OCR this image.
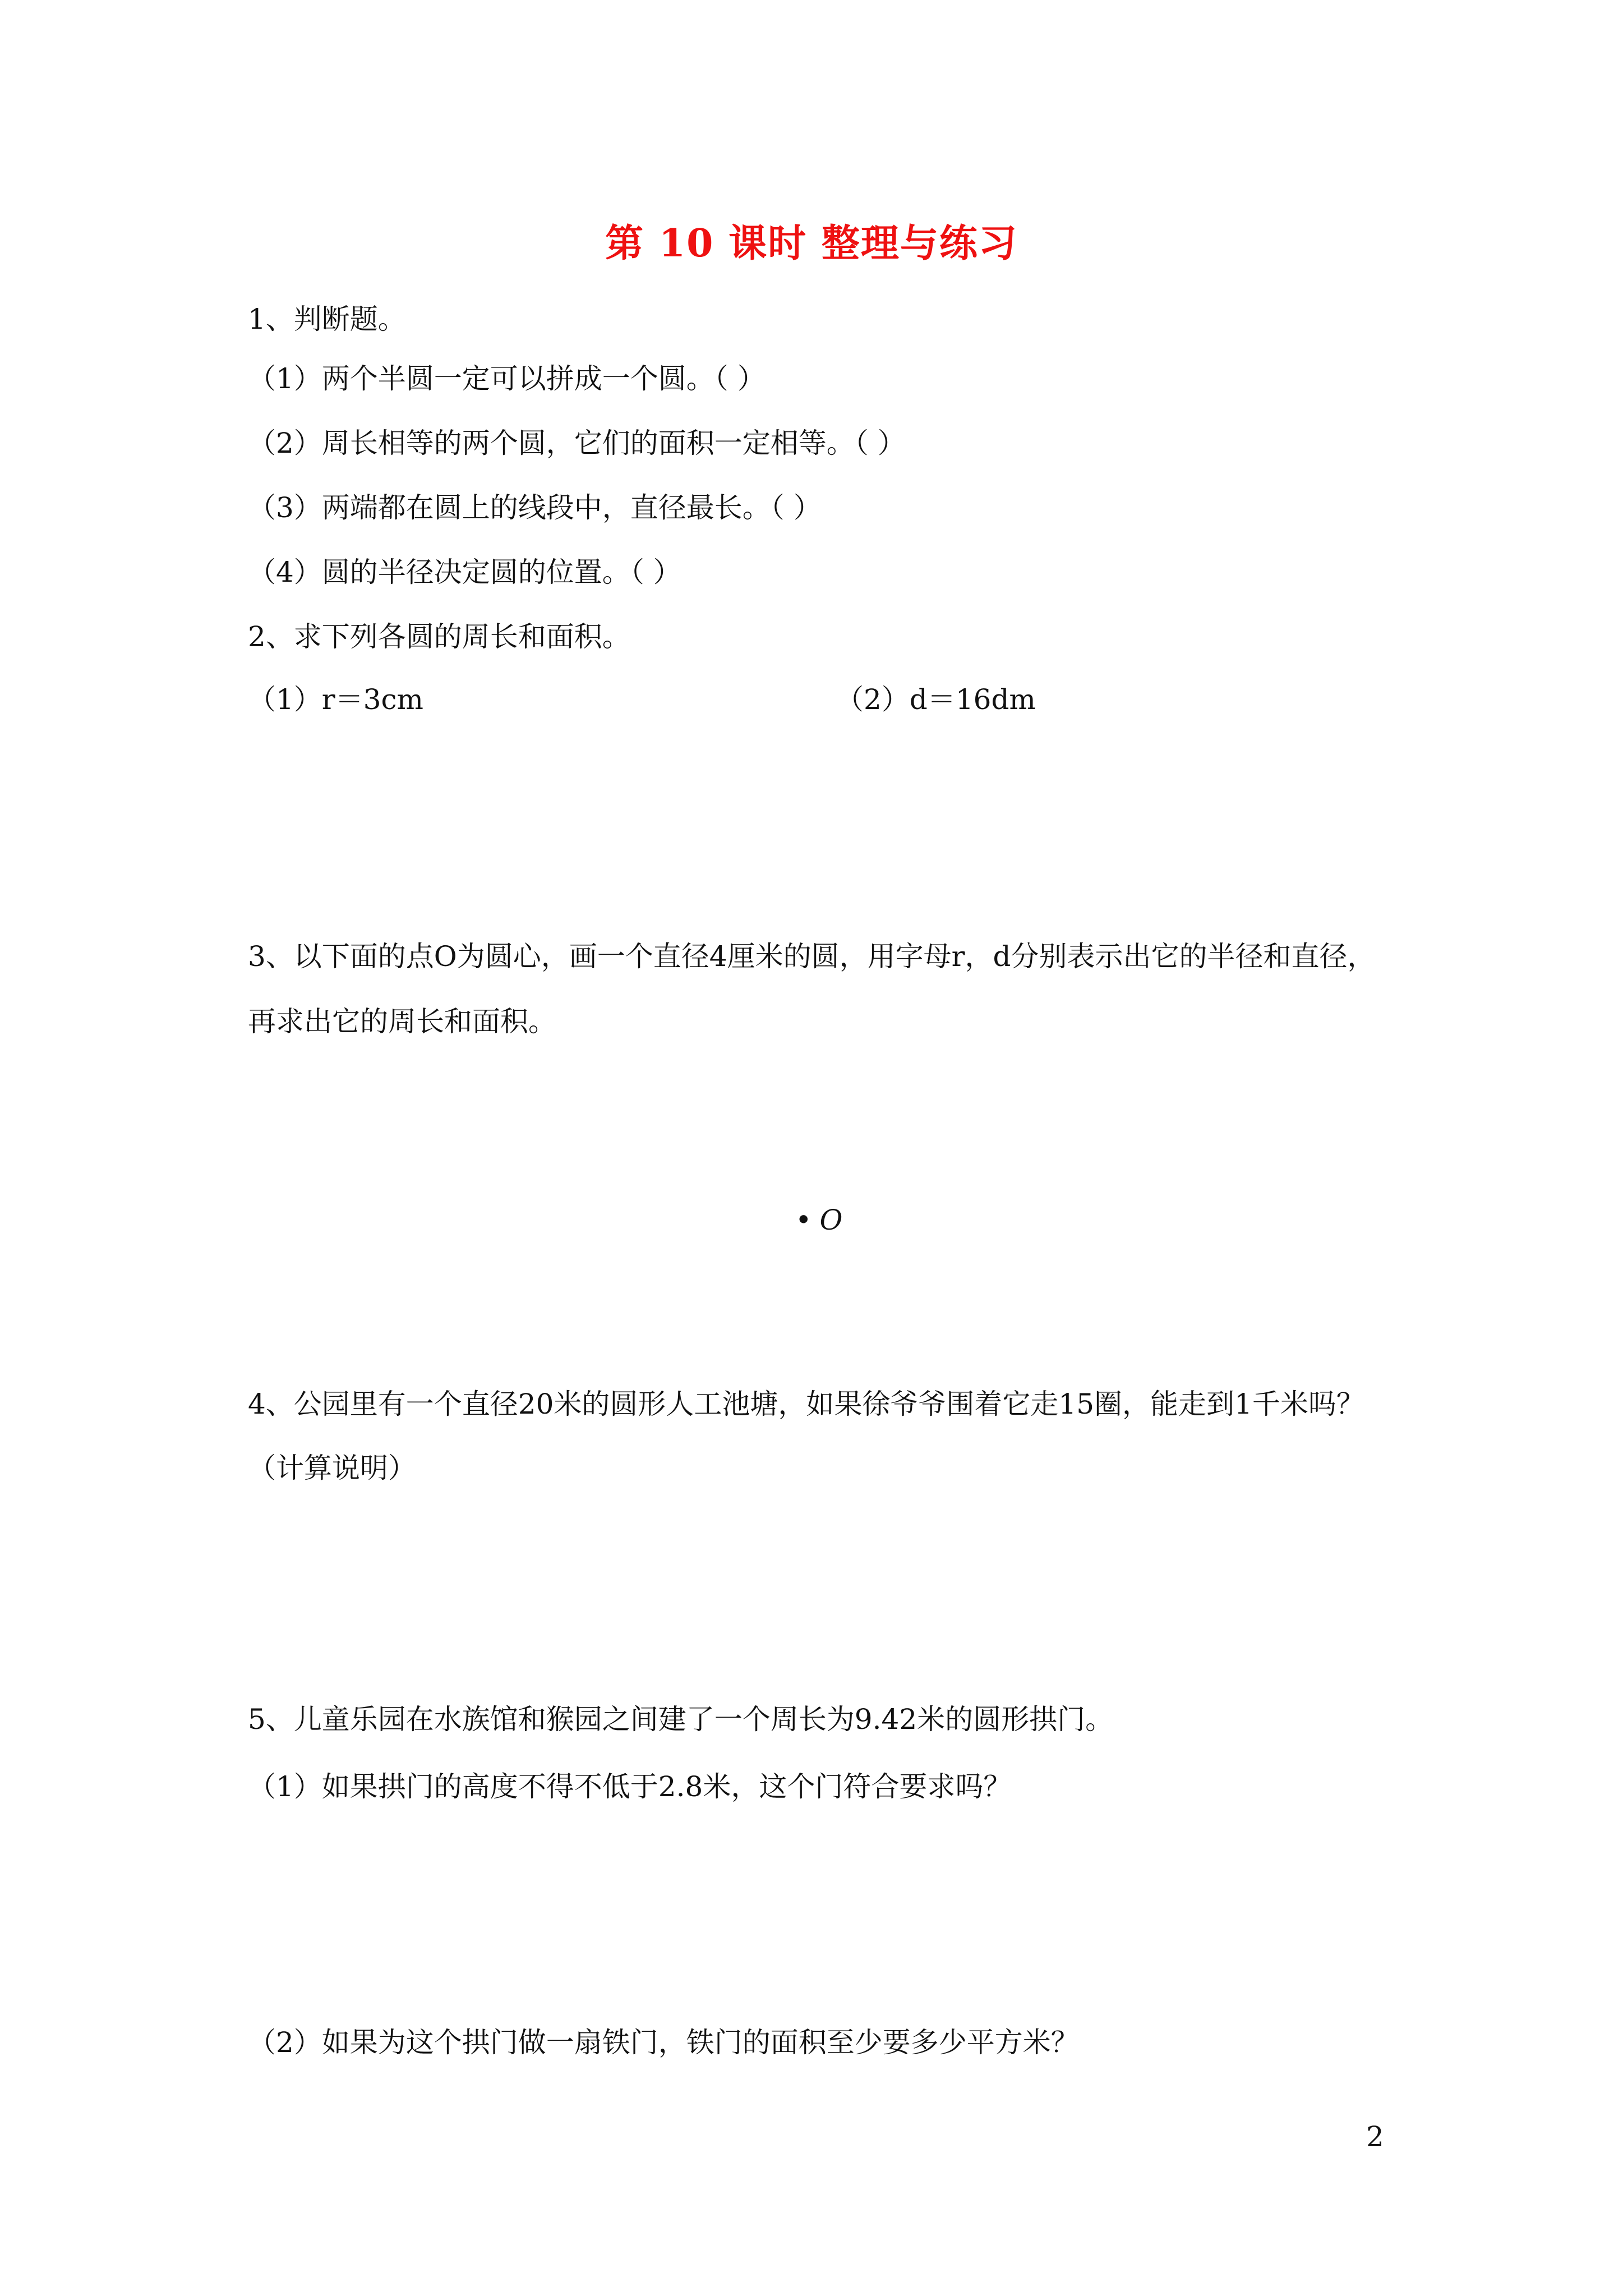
第 10 课时 整理与练习
1、判断题。
（1）两个半圆一定可以拼成一个圆。（ ）
（2）周长相等的两个圆，它们的面积一定相等。（ ）
（3）两端都在圆上的线段中，直径最长。（ ）
（4）圆的半径决定圆的位置。（ ）
2、求下列各圆的周长和面积。
（1）r＝3cm	（2）d＝16dm
3、以下面的点O为圆心，画一个直径4厘米的圆，用字母r，d分别表示出它的半径和直径，
再求出它的周长和面积。
• O
4、公园里有一个直径20米的圆形人工池塘，如果徐爷爷围着它走15圈，能走到1千米吗？
（计算说明）
5、儿童乐园在水族馆和猴园之间建了一个周长为9.42米的圆形拱门。
（1）如果拱门的高度不得不低于2.8米，这个门符合要求吗？
（2）如果为这个拱门做一扇铁门，铁门的面积至少要多少平方米？
2
